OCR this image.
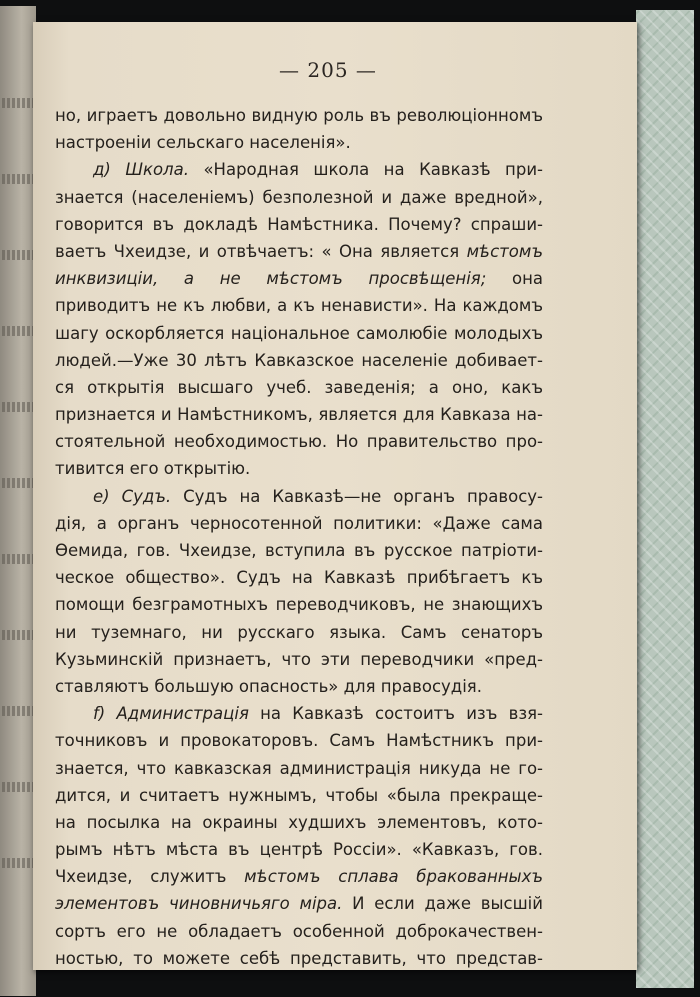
— 205 —
но, играетъ довольно видную роль въ революціонномъ
настроеніи сельскаго населенія».
д) Школа. «Народная школа на Кавказѣ при-
знается (населеніемъ) безполезной и даже вредной»,
говорится въ докладѣ Намѣстника. Почему? спраши-
ваетъ Чхеидзе, и отвѣчаетъ: « Она является мѣстомъ
инквизиціи, а не мѣстомъ просвѣщенія; она
приводитъ не къ любви, а къ ненависти». На каждомъ
шагу оскорбляется національное самолюбіе молодыхъ
людей.—Уже 30 лѣтъ Кавказское населеніе добивает-
ся открытія высшаго учеб. заведенія; а оно, какъ
признается и Намѣстникомъ, является для Кавказа на-
стоятельной необходимостью. Но правительство про-
тивится его открытію.
е) Судъ. Судъ на Кавказѣ—не органъ правосу-
дія, а органъ черносотенной политики: «Даже сама
Ѳемида, гов. Чхеидзе, вступила въ русское патріоти-
ческое общество». Судъ на Кавказѣ прибѣгаетъ къ
помощи безграмотныхъ переводчиковъ, не знающихъ
ни туземнаго, ни русскаго языка. Самъ сенаторъ
Кузьминскій признаетъ, что эти переводчики «пред-
ставляютъ большую опасность» для правосудія.
f) Администрація на Кавказѣ состоитъ изъ взя-
точниковъ и провокаторовъ. Самъ Намѣстникъ при-
знается, что кавказская администрація никуда не го-
дится, и считаетъ нужнымъ, чтобы «была прекраще-
на посылка на окраины худшихъ элементовъ, кото-
рымъ нѣтъ мѣста въ центрѣ Россіи». «Кавказъ, гов.
Чхеидзе, служитъ мѣстомъ сплава бракованныхъ
элементовъ чиновничьяго міра. И если даже высшій
сортъ его не обладаетъ особенной доброкачествен-
ностью, то можете себѣ представить, что представ-
